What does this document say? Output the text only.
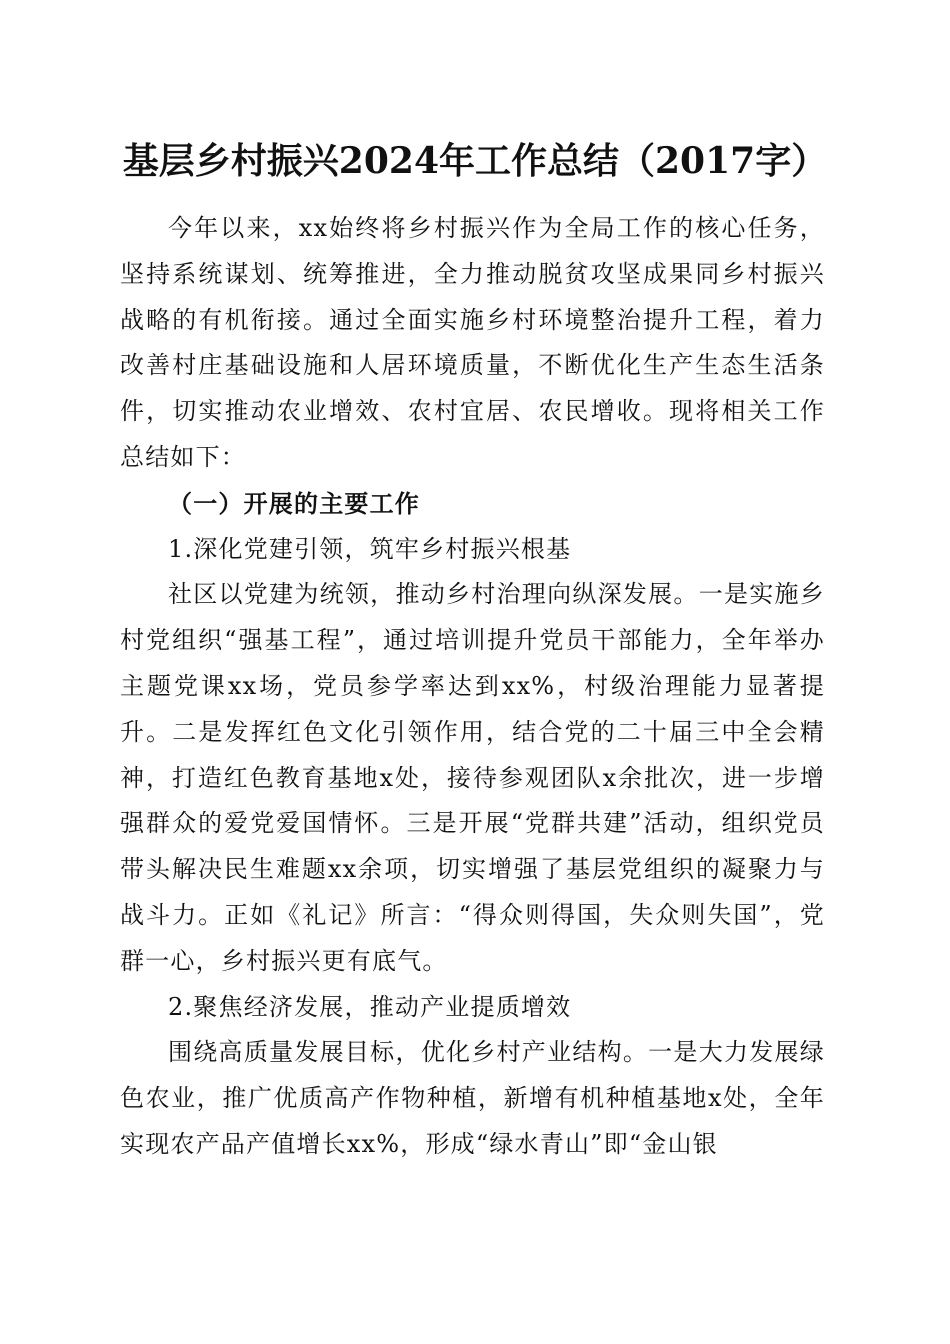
基层乡村振兴2024年工作总结（2017字）

今年以来，xx始终将乡村振兴作为全局工作的核心任务，坚持系统谋划、统筹推进，全力推动脱贫攻坚成果同乡村振兴战略的有机衔接。通过全面实施乡村环境整治提升工程，着力改善村庄基础设施和人居环境质量，不断优化生产生态生活条件，切实推动农业增效、农村宜居、农民增收。现将相关工作总结如下：

（一）开展的主要工作

1.深化党建引领，筑牢乡村振兴根基

社区以党建为统领，推动乡村治理向纵深发展。一是实施乡村党组织“强基工程”，通过培训提升党员干部能力，全年举办主题党课xx场，党员参学率达到xx%，村级治理能力显著提升。二是发挥红色文化引领作用，结合党的二十届三中全会精神，打造红色教育基地x处，接待参观团队x余批次，进一步增强群众的爱党爱国情怀。三是开展“党群共建”活动，组织党员带头解决民生难题xx余项，切实增强了基层党组织的凝聚力与战斗力。正如《礼记》所言：“得众则得国，失众则失国”，党群一心，乡村振兴更有底气。

2.聚焦经济发展，推动产业提质增效

围绕高质量发展目标，优化乡村产业结构。一是大力发展绿色农业，推广优质高产作物种植，新增有机种植基地x处，全年实现农产品产值增长xx%，形成“绿水青山”即“金山银
